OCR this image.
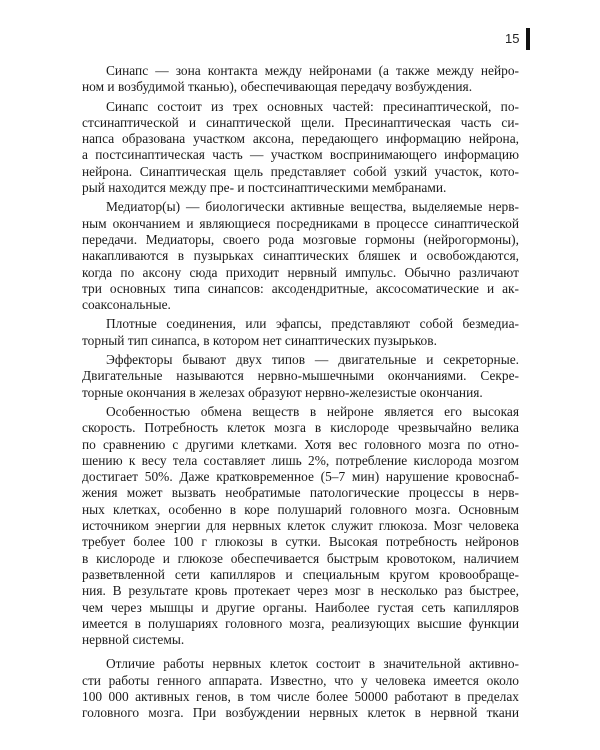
15
Синапс — зона контакта между нейронами (а также между нейро-
ном и возбудимой тканью), обеспечивающая передачу возбуждения.
Синапс состоит из трех основных частей: пресинаптической, по-
стсинаптической и синаптической щели. Пресинаптическая часть си-
напса образована участком аксона, передающего информацию нейрона,
а постсинаптическая часть — участком воспринимающего информацию
нейрона. Синаптическая щель представляет собой узкий участок, кото-
рый находится между пре- и постсинаптическими мембранами.
Медиатор(ы) — биологически активные вещества, выделяемые нерв-
ным окончанием и являющиеся посредниками в процессе синаптической
передачи. Медиаторы, своего рода мозговые гормоны (нейрогормоны),
накапливаются в пузырьках синаптических бляшек и освобождаются,
когда по аксону сюда приходит нервный импульс. Обычно различают
три основных типа синапсов: аксодендритные, аксосоматические и ак-
соаксональные.
Плотные соединения, или эфапсы, представляют собой безмедиа-
торный тип синапса, в котором нет синаптических пузырьков.
Эффекторы бывают двух типов — двигательные и секреторные.
Двигательные называются нервно-мышечными окончаниями. Секре-
торные окончания в железах образуют нервно-железистые окончания.
Особенностью обмена веществ в нейроне является его высокая
скорость. Потребность клеток мозга в кислороде чрезвычайно велика
по сравнению с другими клетками. Хотя вес головного мозга по отно-
шению к весу тела составляет лишь 2%, потребление кислорода мозгом
достигает 50%. Даже кратковременное (5–7 мин) нарушение кровоснаб-
жения может вызвать необратимые патологические процессы в нерв-
ных клетках, особенно в коре полушарий головного мозга. Основным
источником энергии для нервных клеток служит глюкоза. Мозг человека
требует более 100 г глюкозы в сутки. Высокая потребность нейронов
в кислороде и глюкозе обеспечивается быстрым кровотоком, наличием
разветвленной сети капилляров и специальным кругом кровообраще-
ния. В результате кровь протекает через мозг в несколько раз быстрее,
чем через мышцы и другие органы. Наиболее густая сеть капилляров
имеется в полушариях головного мозга, реализующих высшие функции
нервной системы.
Отличие работы нервных клеток состоит в значительной активно-
сти работы генного аппарата. Известно, что у человека имеется около
100 000 активных генов, в том числе более 50000 работают в пределах
головного мозга. При возбуждении нервных клеток в нервной ткани
